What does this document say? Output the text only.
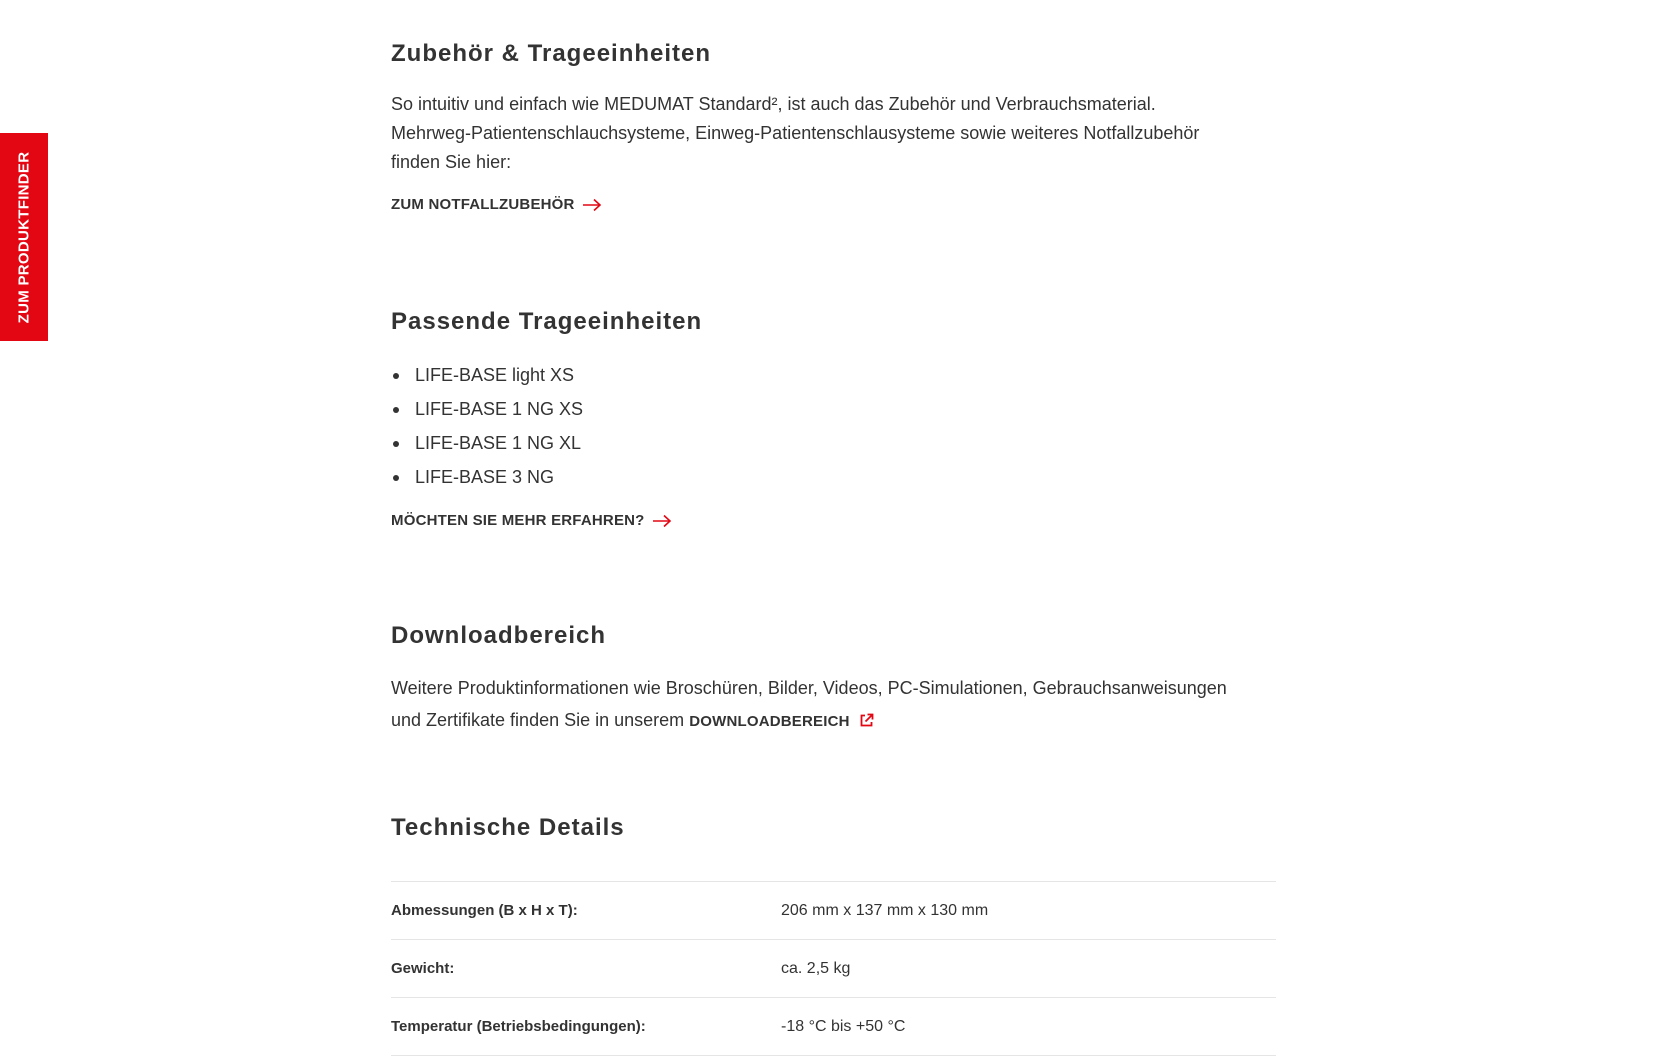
ZUM PRODUKTFINDER
Zubehör & Trageeinheiten

So intuitiv und einfach wie MEDUMAT Standard², ist auch das Zubehör und Verbrauchsmaterial.

Mehrweg-Patientenschlauchsysteme, Einweg-Patientenschlausysteme sowie weiteres Notfallzubehör

finden Sie hier:

ZUM NOTFALLZUBEHÖR
Passende Trageeinheiten
LIFE-BASE light XS
LIFE-BASE 1 NG XS
LIFE-BASE 1 NG XL
LIFE-BASE 3 NG
MÖCHTEN SIE MEHR ERFAHREN?
Downloadbereich

Weitere Produktinformationen wie Broschüren, Bilder, Videos, PC-Simulationen, Gebrauchsanweisungen

und Zertifikate finden Sie in unserem DOWNLOADBEREICH

Technische Details
Abmessungen (B x H x T):	206 mm x 137 mm x 130 mm
Gewicht:	ca. 2,5 kg
Temperatur (Betriebsbedingungen):	-18 °C bis +50 °C
